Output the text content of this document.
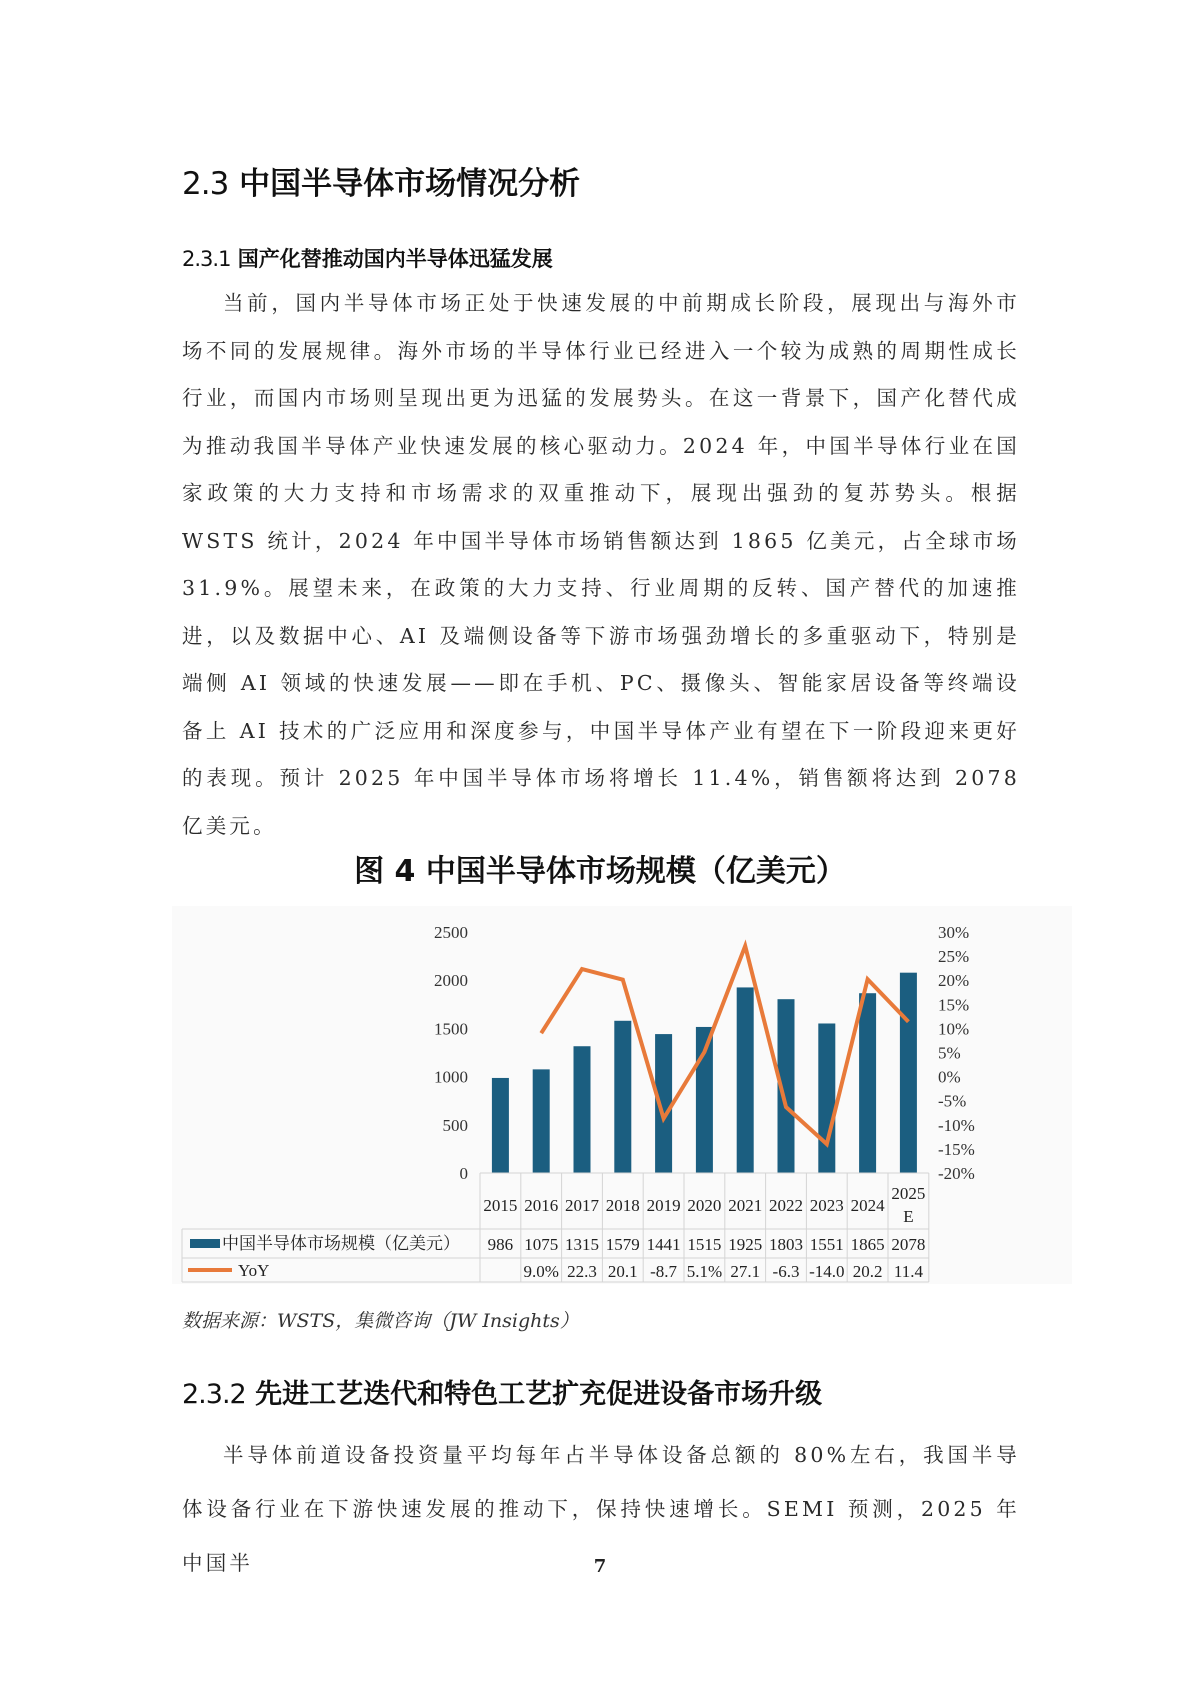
2.3 中国半导体市场情况分析
2.3.1 国产化替推动国内半导体迅猛发展

当前，国内半导体市场正处于快速发展的中前期成长阶段，展现出与海外市场不同的发展规律。海外市场的半导体行业已经进入一个较为成熟的周期性成长行业，而国内市场则呈现出更为迅猛的发展势头。在这一背景下，国产化替代成为推动我国半导体产业快速发展的核心驱动力。2024 年，中国半导体行业在国家政策的大力支持和市场需求的双重推动下，展现出强劲的复苏势头。根据 WSTS 统计，2024 年中国半导体市场销售额达到 1865 亿美元，占全球市场 31.9%。展望未来，在政策的大力支持、行业周期的反转、国产替代的加速推进，以及数据中心、AI 及端侧设备等下游市场强劲增长的多重驱动下，特别是端侧 AI 领域的快速发展——即在手机、PC、摄像头、智能家居设备等终端设备上 AI 技术的广泛应用和深度参与，中国半导体产业有望在下一阶段迎来更好的表现。预计 2025 年中国半导体市场将增长 11.4%，销售额将达到 2078 亿美元。

图 4 中国半导体市场规模（亿美元）
0
500
1000
1500
2000
2500
-20%
-15%
-10%
-5%
0%
5%
10%
15%
20%
25%
30%
2015 2016 2017 2018 2019 2020 2021 2022 2023 2024
2025
E
中国半导体市场规模（亿美元）
YoY
986 1075 1315 1579 1441 1515 1925 1803 1551 1865 2078
9.0% 22.3 20.1 -8.7 5.1% 27.1 -6.3 -14.0 20.2 11.4
数据来源：WSTS，集微咨询（JW Insights）
2.3.2 先进工艺迭代和特色工艺扩充促进设备市场升级

半导体前道设备投资量平均每年占半导体设备总额的 80%左右，我国半导体设备行业在下游快速发展的推动下，保持快速增长。SEMI 预测，2025 年中国半	7
